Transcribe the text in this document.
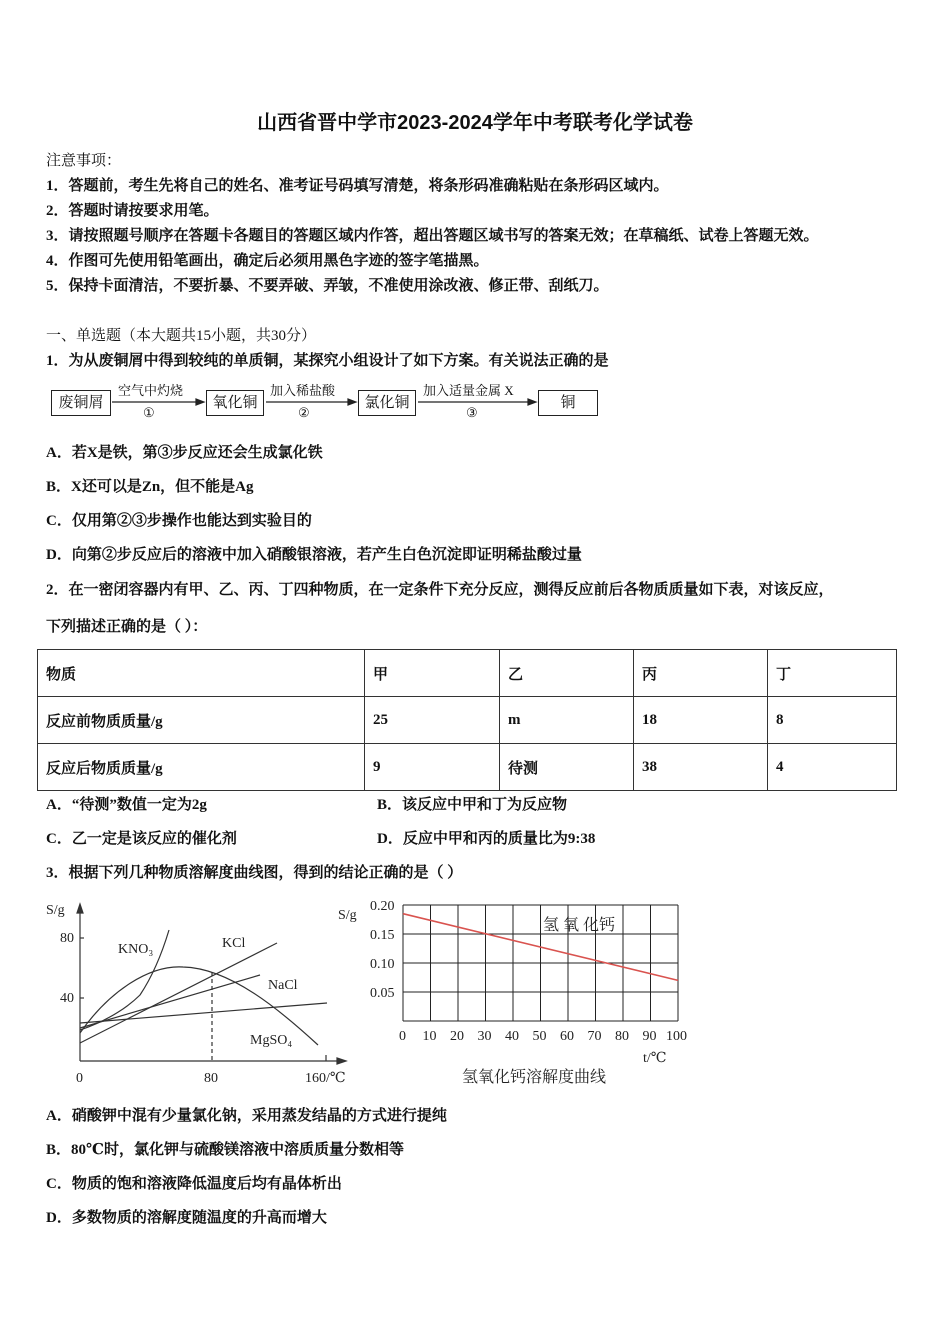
山西省晋中学市2023-2024学年中考联考化学试卷
注意事项：
1．答题前，考生先将自己的姓名、准考证号码填写清楚，将条形码准确粘贴在条形码区域内。
2．答题时请按要求用笔。
3．请按照题号顺序在答题卡各题目的答题区域内作答，超出答题区域书写的答案无效；在草稿纸、试卷上答题无效。
4．作图可先使用铅笔画出，确定后必须用黑色字迹的签字笔描黑。
5．保持卡面清洁，不要折暴、不要弄破、弄皱，不准使用涂改液、修正带、刮纸刀。
一、单选题（本大题共15小题，共30分）
1．为从废铜屑中得到较纯的单质铜，某探究小组设计了如下方案。有关说法正确的是
废铜屑	氧化铜	氯化铜	铜
空气中灼烧
①
加入稀盐酸
②
加入适量金属 X
③
A．若X是铁，第③步反应还会生成氯化铁
B．X还可以是Zn，但不能是Ag
C．仅用第②③步操作也能达到实验目的
D．向第②步反应后的溶液中加入硝酸银溶液，若产生白色沉淀即证明稀盐酸过量
2．在一密闭容器内有甲、乙、丙、丁四种物质，在一定条件下充分反应，测得反应前后各物质质量如下表，对该反应，
下列描述正确的是（ ）：
物质	甲	乙	丙	丁
反应前物质质量/g	25	m	18	8
反应后物质质量/g	9	待测	38	4
A．“待测”数值一定为2g	B．该反应中甲和丁为反应物
C．乙一定是该反应的催化剂	D．反应中甲和丙的质量比为9:38
3．根据下列几种物质溶解度曲线图，得到的结论正确的是（ ）
S/g
80
40
0	80	160/℃
KNO₃	KCl
NaCl
MgSO₄
S/g
0.20
0.15
0.10
0.05
0 10 20 30 40 50 60 70 80 90 100
t/℃
氢 氧 化钙
氢氧化钙溶解度曲线
A．硝酸钾中混有少量氯化钠，采用蒸发结晶的方式进行提纯
B．80℃时，氯化钾与硫酸镁溶液中溶质质量分数相等
C．物质的饱和溶液降低温度后均有晶体析出
D．多数物质的溶解度随温度的升高而增大
